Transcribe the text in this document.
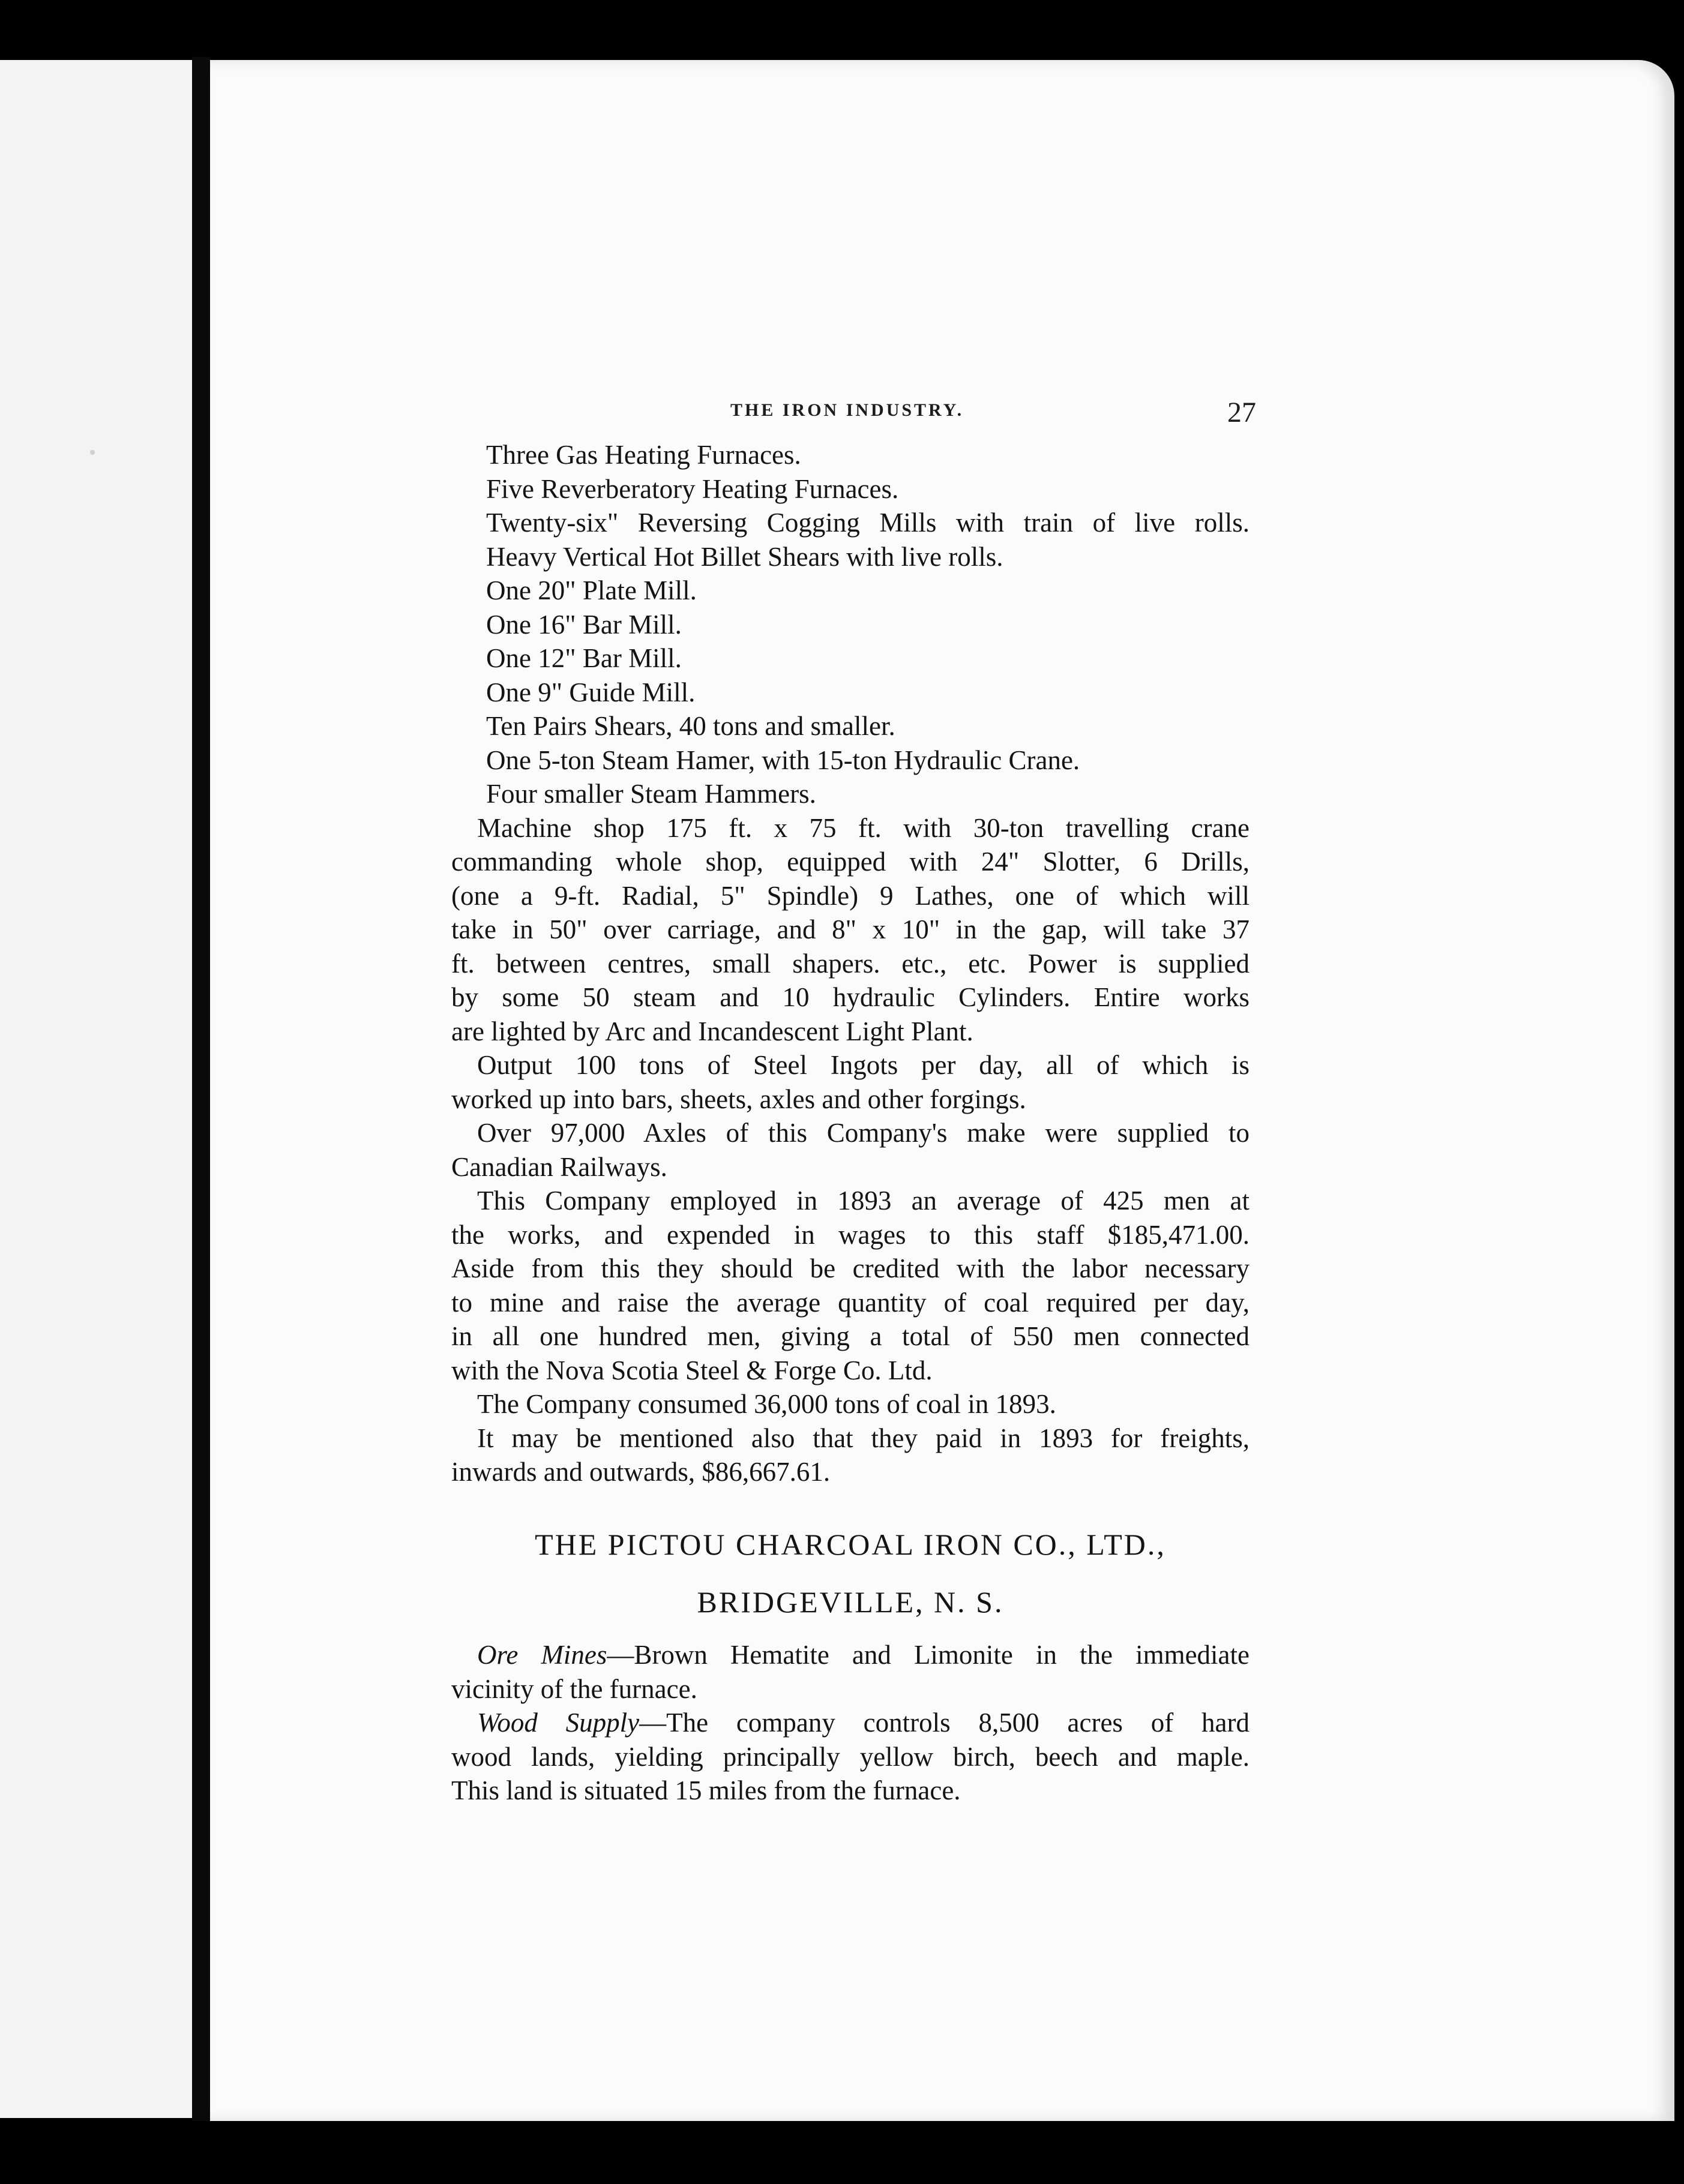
THE IRON INDUSTRY.	27
Three Gas Heating Furnaces.
Five Reverberatory Heating Furnaces.
Twenty-six" Reversing Cogging Mills with train of live rolls.
Heavy Vertical Hot Billet Shears with live rolls.
One 20" Plate Mill.
One 16" Bar Mill.
One 12" Bar Mill.
One 9" Guide Mill.
Ten Pairs Shears, 40 tons and smaller.
One 5-ton Steam Hamer, with 15-ton Hydraulic Crane.
Four smaller Steam Hammers.
Machine shop 175 ft. x 75 ft. with 30-ton travelling crane
commanding whole shop, equipped with 24" Slotter, 6 Drills,
(one a 9-ft. Radial, 5" Spindle) 9 Lathes, one of which will
take in 50" over carriage, and 8" x 10" in the gap, will take 37
ft. between centres, small shapers. etc., etc. Power is supplied
by some 50 steam and 10 hydraulic Cylinders. Entire works
are lighted by Arc and Incandescent Light Plant.
Output 100 tons of Steel Ingots per day, all of which is
worked up into bars, sheets, axles and other forgings.
Over 97,000 Axles of this Company's make were supplied to
Canadian Railways.
This Company employed in 1893 an average of 425 men at
the works, and expended in wages to this staff $185,471.00.
Aside from this they should be credited with the labor necessary
to mine and raise the average quantity of coal required per day,
in all one hundred men, giving a total of 550 men connected
with the Nova Scotia Steel & Forge Co. Ltd.
The Company consumed 36,000 tons of coal in 1893.
It may be mentioned also that they paid in 1893 for freights,
inwards and outwards, $86,667.61.
THE PICTOU CHARCOAL IRON CO., LTD.,
BRIDGEVILLE, N. S.
Ore Mines—Brown Hematite and Limonite in the immediate
vicinity of the furnace.
Wood Supply—The company controls 8,500 acres of hard
wood lands, yielding principally yellow birch, beech and maple.
This land is situated 15 miles from the furnace.
